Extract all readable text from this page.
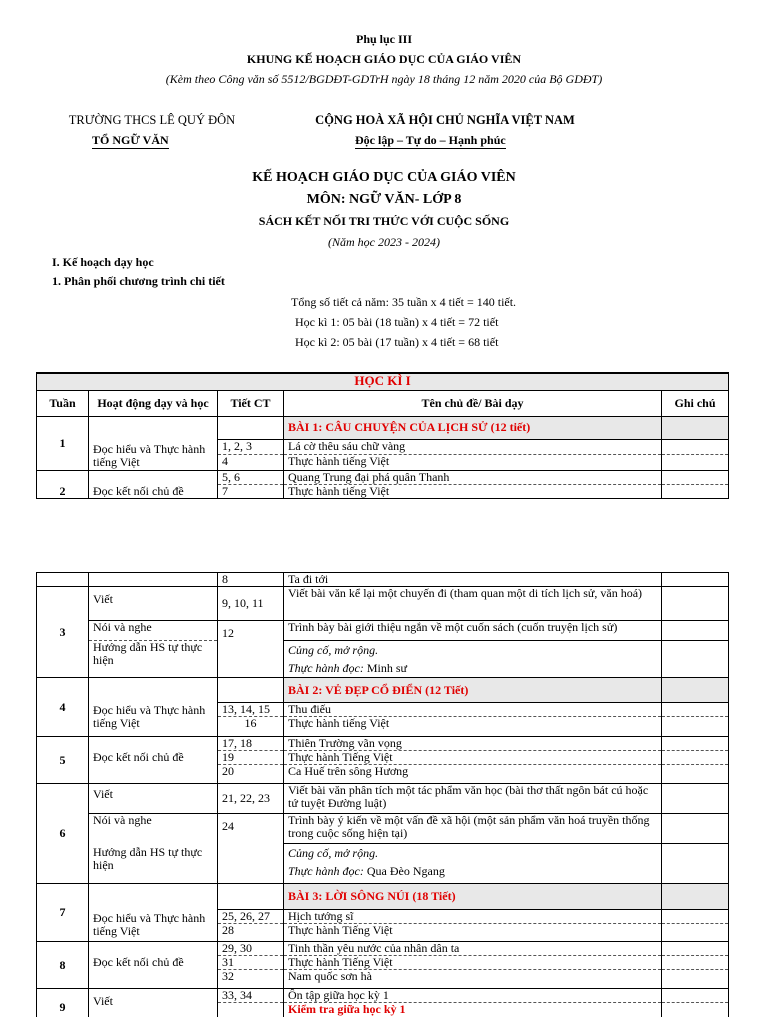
Phụ lục III
KHUNG KẾ HOẠCH GIÁO DỤC CỦA GIÁO VIÊN
(Kèm theo Công văn số 5512/BGDĐT-GDTrH ngày 18 tháng 12 năm 2020 của Bộ GDĐT)
TRƯỜNG THCS LÊ QUÝ ĐÔN
TỔ NGỮ VĂN
CỘNG HOÀ XÃ HỘI CHỦ NGHĨA VIỆT NAM
Độc lập – Tự do – Hạnh phúc
KẾ HOẠCH GIÁO DỤC CỦA GIÁO VIÊN
MÔN: NGỮ VĂN- LỚP 8
SÁCH KẾT NỐI TRI THỨC VỚI CUỘC SỐNG
(Năm học 2023 - 2024)
I. Kế hoạch dạy học
1. Phân phối chương trình chi tiết
Tổng số tiết cả năm: 35 tuần x 4 tiết = 140 tiết.
Học kì 1: 05 bài (18 tuần) x 4 tiết = 72 tiết
Học kì 2: 05 bài (17 tuần) x 4 tiết = 68 tiết
HỌC KÌ I				
Tuần	Hoạt động dạy và học	Tiết CT	Tên chủ đề/ Bài dạy	Ghi chú
1	Đọc hiểu và Thực hành tiếng Việt		BÀI 1: CÂU CHUYỆN CỦA LỊCH SỬ (12 tiết)	
		1, 2, 3	Lá cờ thêu sáu chữ vàng	
		4	Thực hành tiếng Việt	
2	Đọc kết nối chủ đề	5, 6	Quang Trung đại phá quân Thanh	
		7	Thực hành tiếng Việt	
		8	Ta đi tới	
3	Viết	9, 10, 11	Viết bài văn kể lại một chuyến đi (tham quan một di tích lịch sử, văn hoá)	
	Nói và nghe	12	Trình bày bài giới thiệu ngắn về một cuốn sách (cuốn truyện lịch sử)	
	Hướng dẫn HS tự thực hiện		Củng cố, mở rộng.
Thực hành đọc: Minh sư	
4	Đọc hiểu và Thực hành tiếng Việt		BÀI 2: VẺ ĐẸP CỔ ĐIỂN (12 Tiết)	
		13, 14, 15	Thu điếu	
		16	Thực hành tiếng Việt	
5	Đọc kết nối chủ đề	17, 18	Thiên Trường vãn vọng	
		19	Thực hành Tiếng Việt	
		20	Ca Huế trên sông Hương	
6	Viết	21, 22, 23	Viết bài văn phân tích một tác phẩm văn học (bài thơ thất ngôn bát cú hoặc tứ tuyệt Đường luật)	
	Nói và nghe	24	Trình bày ý kiến về một vấn đề xã hội (một sản phẩm văn hoá truyền thống trong cuộc sống hiện tại)	
	Hướng dẫn HS tự thực hiện		Củng cố, mở rộng.
Thực hành đọc: Qua Đèo Ngang	
7	Đọc hiểu và Thực hành tiếng Việt		BÀI 3: LỜI SÔNG NÚI (18 Tiết)	
		25, 26, 27	Hịch tướng sĩ	
		28	Thực hành Tiếng Việt	
8	Đọc kết nối chủ đề	29, 30	Tinh thần yêu nước của nhân dân ta	
		31	Thực hành Tiếng Việt	
		32	Nam quốc sơn hà	
9	Viết	33, 34	Ôn tập giữa học kỳ 1	
			Kiểm tra giữa học kỳ 1	
